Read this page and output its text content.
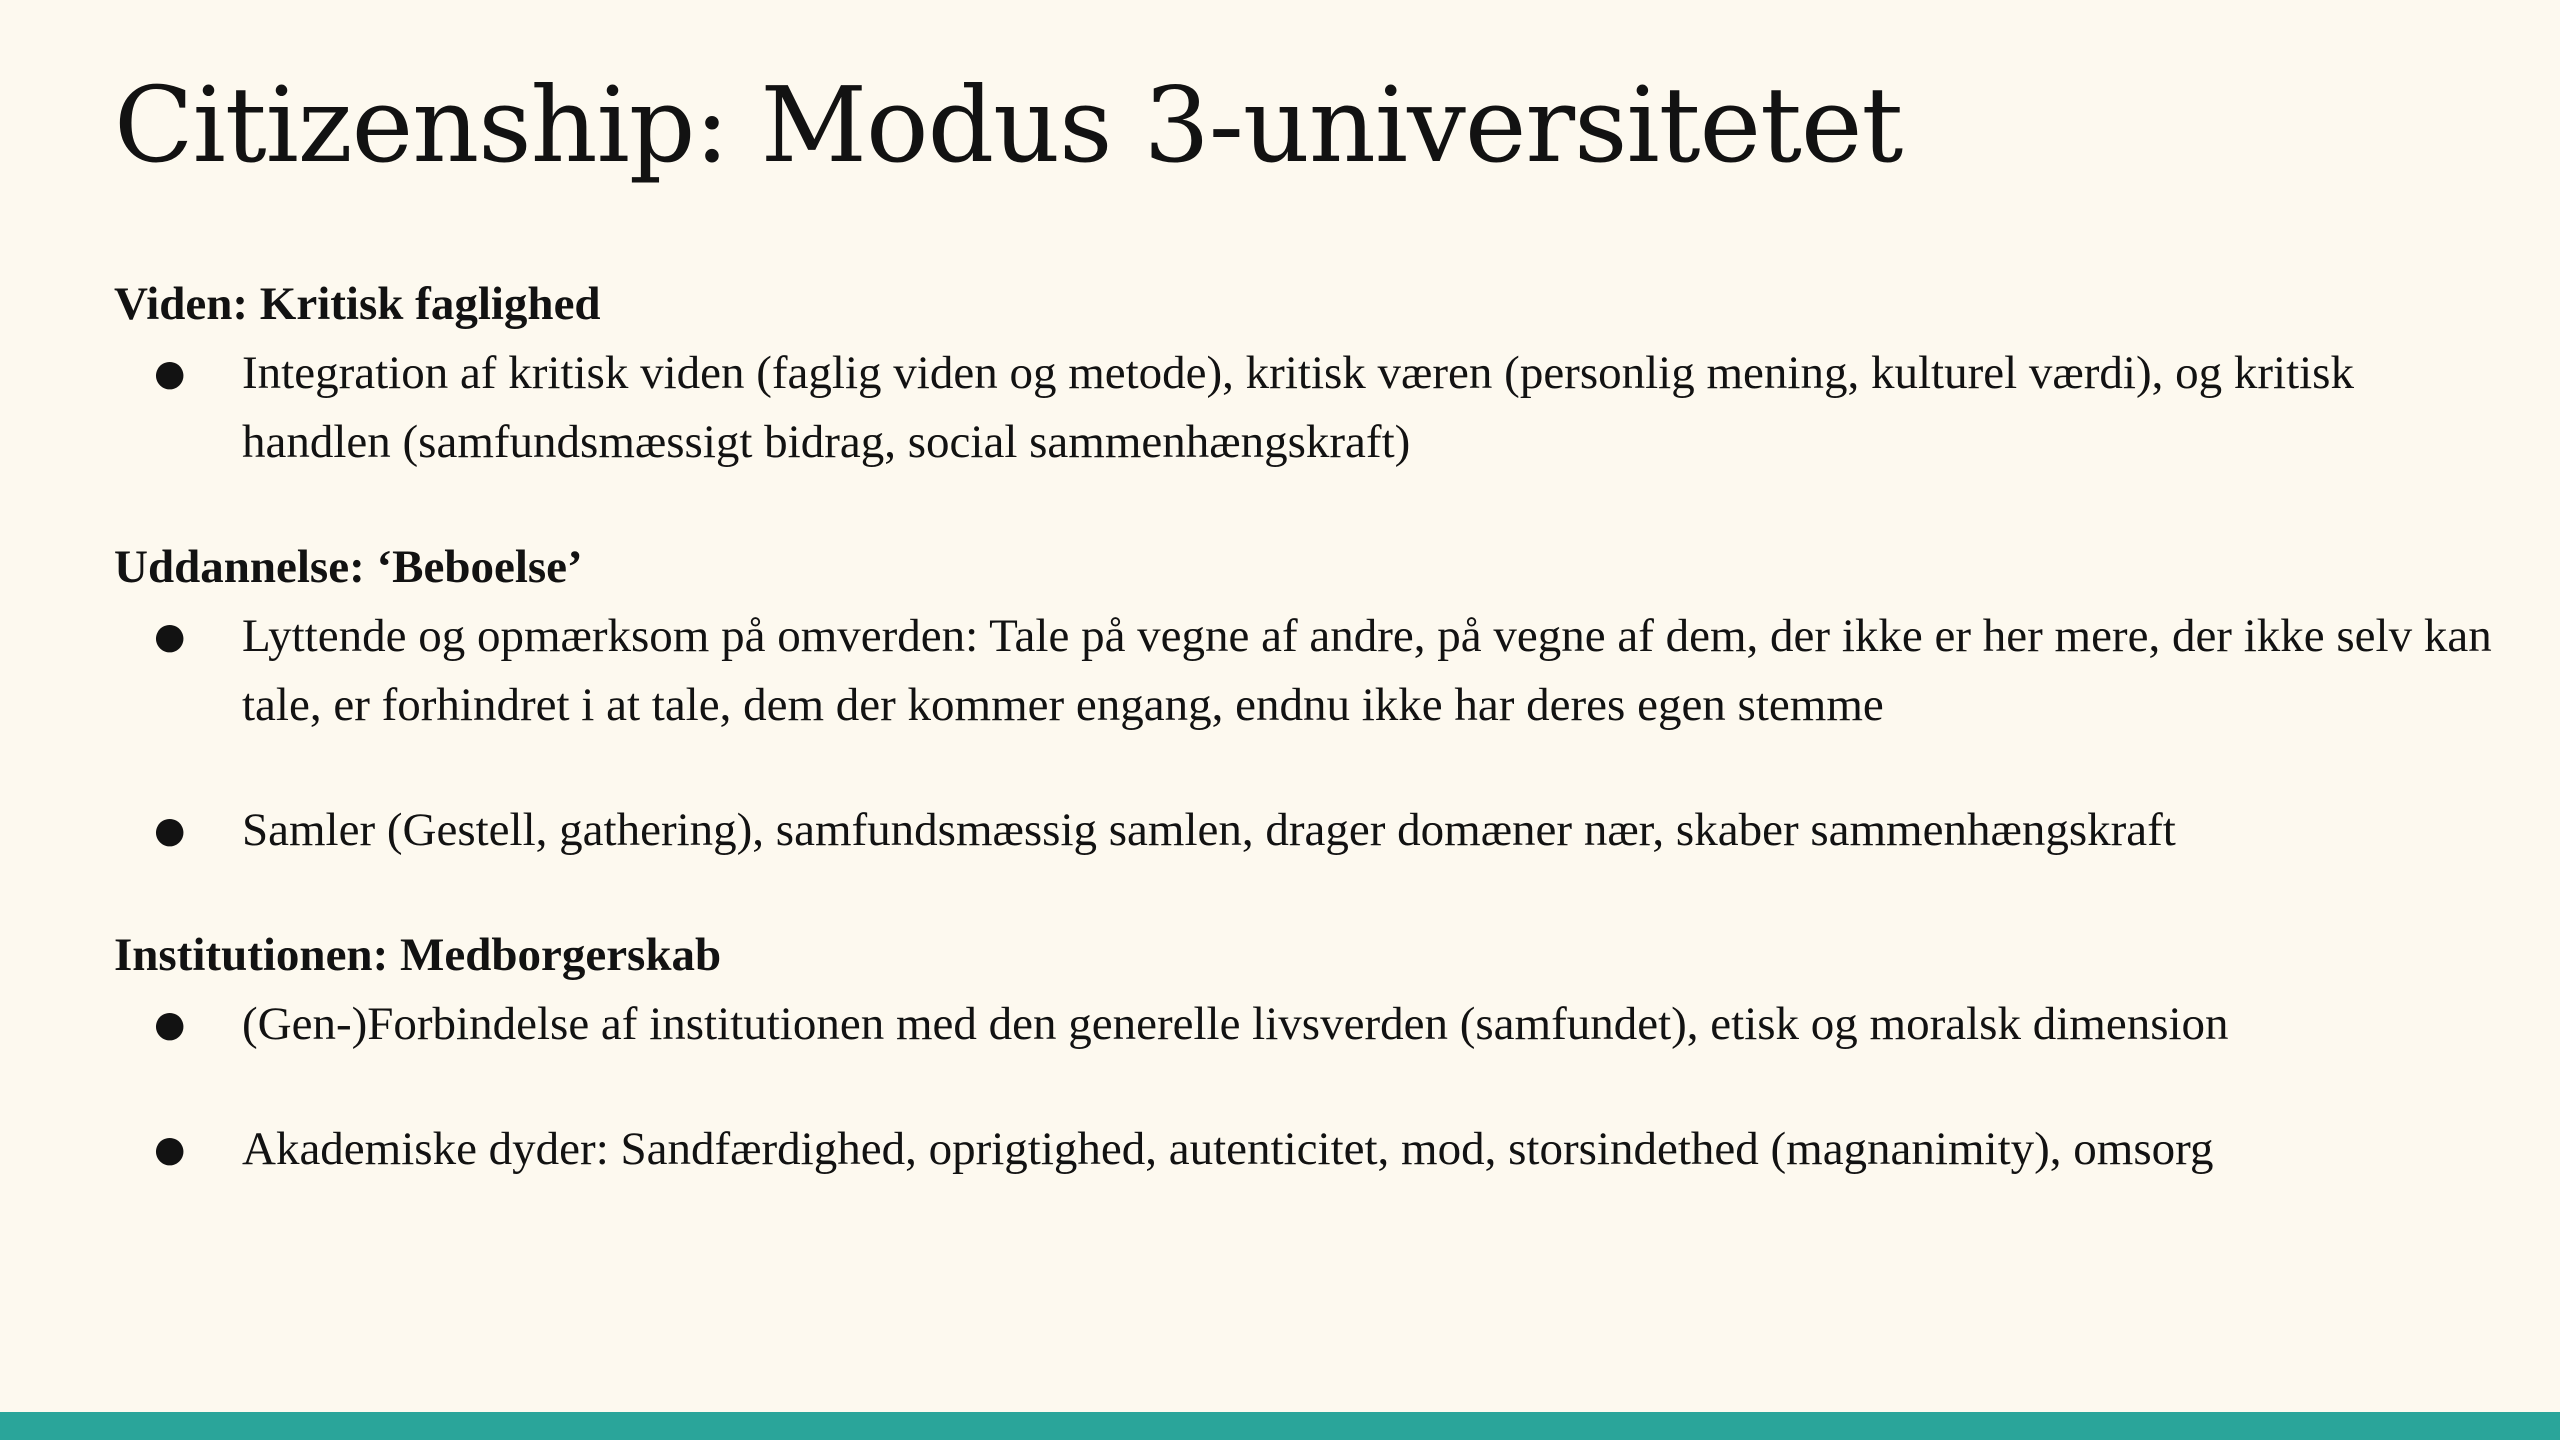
Citizenship: Modus 3-universitetet

Viden: Kritisk faglighed

● Integration af kritisk viden (faglig viden og metode), kritisk væren (personlig mening, kulturel værdi), og kritisk handlen (samfundsmæssigt bidrag, social sammenhængskraft)

Uddannelse: ‘Beboelse’

● Lyttende og opmærksom på omverden: Tale på vegne af andre, på vegne af dem, der ikke er her mere, der ikke selv kan tale, er forhindret i at tale, dem der kommer engang, endnu ikke har deres egen stemme
● Samler (Gestell, gathering), samfundsmæssig samlen, drager domæner nær, skaber sammenhængskraft

Institutionen: Medborgerskab

● (Gen-)Forbindelse af institutionen med den generelle livsverden (samfundet), etisk og moralsk dimension
● Akademiske dyder: Sandfærdighed, oprigtighed, autenticitet, mod, storsindethed (magnanimity), omsorg
